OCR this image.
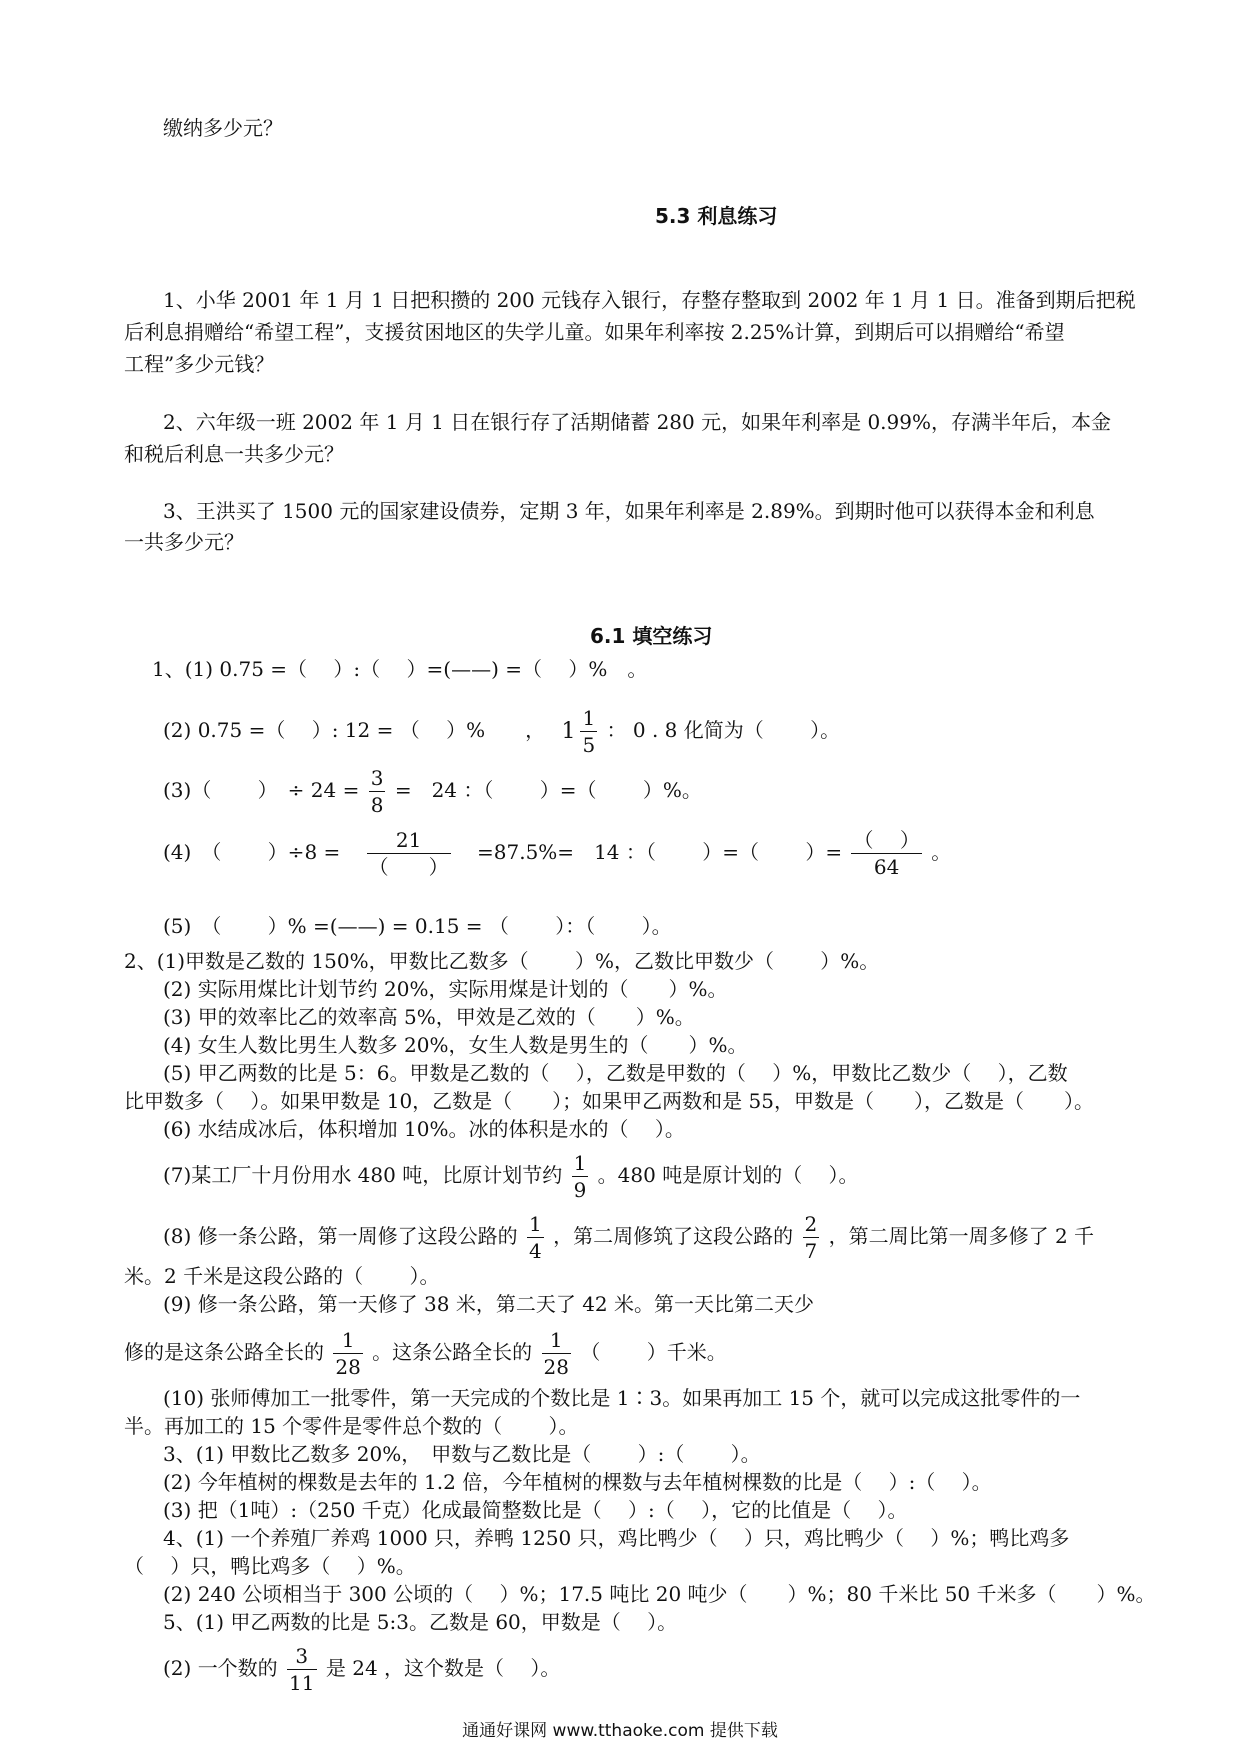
缴纳多少元？
5.3 利息练习
1、小华 2001 年 1 月 1 日把积攒的 200 元钱存入银行，存整存整取到 2002 年 1 月 1 日。准备到期后把税
后利息捐赠给“希望工程”，支援贫困地区的失学儿童。如果年利率按 2.25%计算，到期后可以捐赠给“希望
工程”多少元钱？
2、六年级一班 2002 年 1 月 1 日在银行存了活期储蓄 280 元，如果年利率是 0.99%，存满半年后，本金
和税后利息一共多少元？
3、王洪买了 1500 元的国家建设债券，定期 3 年，如果年利率是 2.89%。到期时他可以获得本金和利息
一共多少元？
6.1 填空练习
1、(1) 0.75 =（　 ）:（　 ）=(——) =（　 ）%　。
(2) 0.75 =（　 ）: 12 = （　 ）%　　，　 1
1
5
： 0 . 8 化简为（　　 ）。
(3)（　　 ）　÷ $24 = \frac{3}{8}$ =　24 ：（　　 ）=（　　 ）%。
(4)　（　　 ）÷8 =	21
（　　）
=87.5%=　14 ：（　　 ）=（　　 ）= （　 ）
64
。
(5)　（　　 ）% =(——) = 0.15 = （　　 ）：（　　 ）。
2、(1)甲数是乙数的 150%，甲数比乙数多（　　 ）%，乙数比甲数少（　　 ）%。
(2) 实际用煤比计划节约 20%，实际用煤是计划的（　　）%。
(3) 甲的效率比乙的效率高 5%，甲效是乙效的（　　）%。
(4) 女生人数比男生人数多 20%，女生人数是男生的（　　）%。
(5) 甲乙两数的比是 5：6。甲数是乙数的（　 ），乙数是甲数的（　 ）%，甲数比乙数少（　 ），乙数
比甲数多（　 ）。如果甲数是 10，乙数是（　　）；如果甲乙两数和是 55，甲数是（　　），乙数是（　　）。
(6) 水结成冰后，体积增加 10%。冰的体积是水的（　 ）。
(7)某工厂十月份用水 480 吨，比原计划节约 $\frac{1}{9}$ 。480 吨是原计划的（　 ）。
(8) 修一条公路，第一周修了这段公路的 $\frac{1}{4}$ ，第二周修筑了这段公路的 $\frac{2}{7}$ ，第二周比第一周多修了 2 千
米。2 千米是这段公路的（　　 ）。
(9) 修一条公路，第一天修了 38 米，第二天了 42 米。第一天比第二天少
修的是这条公路全长的 $\frac{1}{28}$ 。这条公路全长的 $\frac{1}{28}$ （　　 ）千米。
(10) 张师傅加工一批零件，第一天完成的个数比是 1∶3。如果再加工 15 个，就可以完成这批零件的一
半。再加工的 15 个零件是零件总个数的（　　 ）。
3、(1) 甲数比乙数多 20%，　甲数与乙数比是（　　 ）:（　　 ）。
(2) 今年植树的棵数是去年的 1.2 倍，今年植树的棵数与去年植树棵数的比是（　 ）:（　 ）。
(3) 把（1吨）:（250 千克）化成最简整数比是（　 ）:（　 ），它的比值是（　 ）。
4、(1) 一个养殖厂养鸡 1000 只，养鸭 1250 只，鸡比鸭少（　 ）只，鸡比鸭少（　 ）%；鸭比鸡多
（　 ）只，鸭比鸡多（　 ）%。
(2) 240 公顷相当于 300 公顷的（　 ）%；17.5 吨比 20 吨少（　　）%；80 千米比 50 千米多（　　）%。
5、(1) 甲乙两数的比是 5:3。乙数是 60，甲数是（　 ）。
(2) 一个数的 $\frac{3}{11}$ 是 24 ，这个数是（　 ）。
通通好课网 www.tthaoke.com 提供下载
